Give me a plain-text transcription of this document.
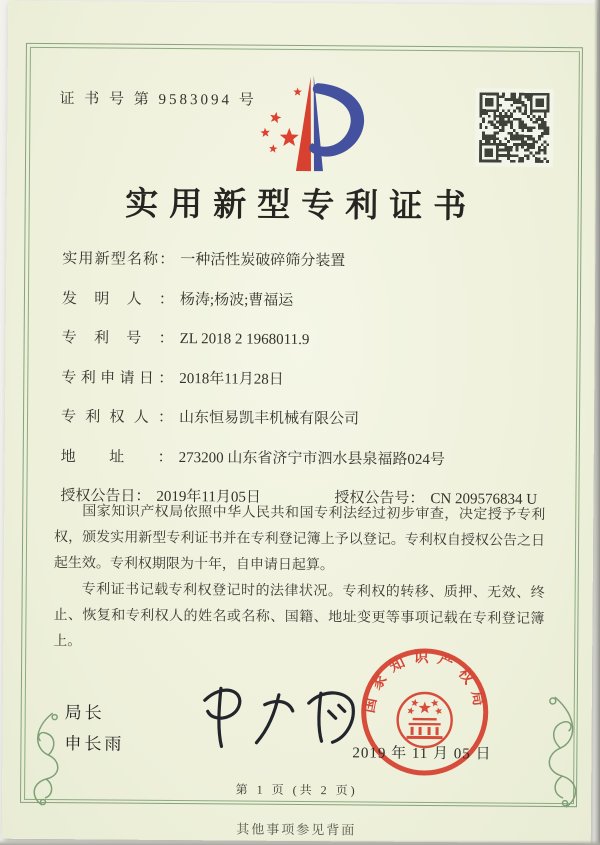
证 书 号 第 9583094 号
实用新型专利证书
实用新型名称： 一种活性炭破碎筛分装置
发明人： 杨涛;杨波;曹福运
专利号： ZL 2018 2 1968011.9
专利申请日： 2018年11月28日
专利权人： 山东恒易凯丰机械有限公司
地址： 273200 山东省济宁市泗水县泉福路024号
授权公告日： 2019年11月05日	授权公告号： CN 209576834 U

国家知识产权局依照中华人民共和国专利法经过初步审查，决定授予专利权，颁发实用新型专利证书并在专利登记簿上予以登记。专利权自授权公告之日起生效。专利权期限为十年，自申请日起算。

专利证书记载专利权登记时的法律状况。专利权的转移、质押、无效、终止、恢复和专利权人的姓名或名称、国籍、地址变更等事项记载在专利登记簿上。

局长
申长雨
国家知识产权局
2019 年 11 月 05 日
第 1 页 (共 2 页)
其他事项参见背面
